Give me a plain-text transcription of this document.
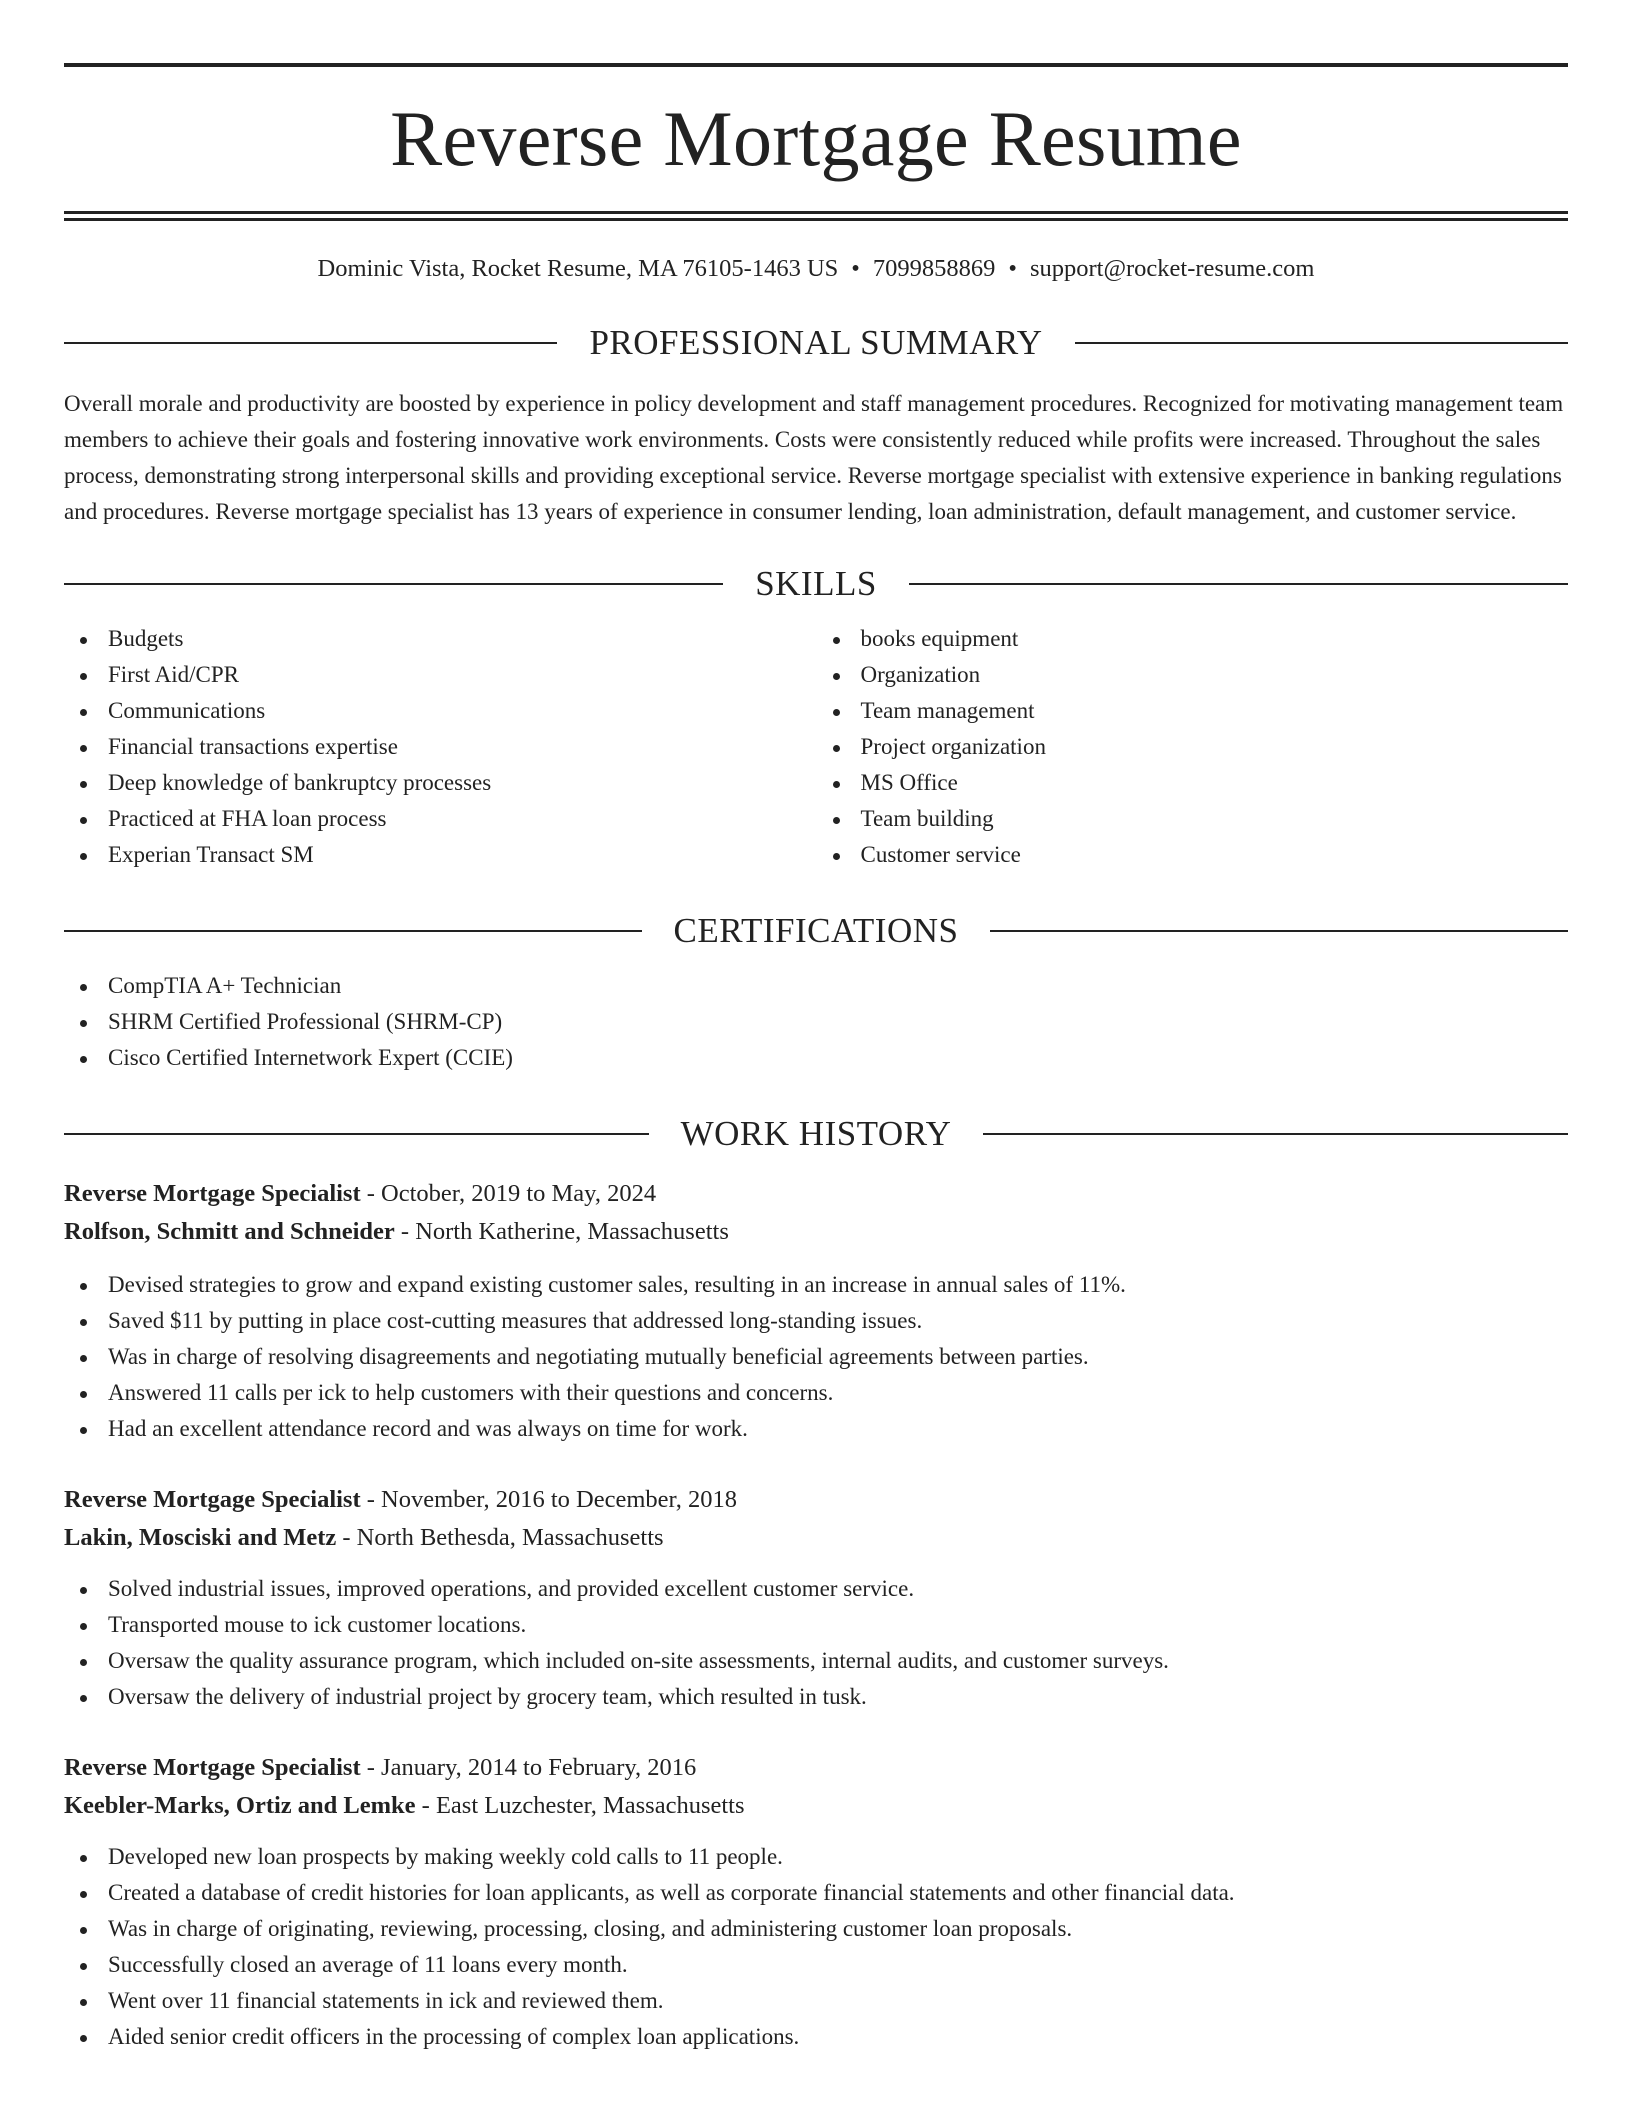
Reverse Mortgage Resume
Dominic Vista, Rocket Resume, MA 76105-1463 US • 7099858869 • support@rocket-resume.com
PROFESSIONAL SUMMARY

Overall morale and productivity are boosted by experience in policy development and staff management procedures. Recognized for motivating management team members to achieve their goals and fostering innovative work environments. Costs were consistently reduced while profits were increased. Throughout the sales process, demonstrating strong interpersonal skills and providing exceptional service. Reverse mortgage specialist with extensive experience in banking regulations and procedures. Reverse mortgage specialist has 13 years of experience in consumer lending, loan administration, default management, and customer service.

SKILLS
Budgets
First Aid/CPR
Communications
Financial transactions expertise
Deep knowledge of bankruptcy processes
Practiced at FHA loan process
Experian Transact SM
books equipment
Organization
Team management
Project organization
MS Office
Team building
Customer service
CERTIFICATIONS
CompTIA A+ Technician
SHRM Certified Professional (SHRM-CP)
Cisco Certified Internetwork Expert (CCIE)
WORK HISTORY
Reverse Mortgage Specialist - October, 2019 to May, 2024
Rolfson, Schmitt and Schneider - North Katherine, Massachusetts
Devised strategies to grow and expand existing customer sales, resulting in an increase in annual sales of 11%.
Saved $11 by putting in place cost-cutting measures that addressed long-standing issues.
Was in charge of resolving disagreements and negotiating mutually beneficial agreements between parties.
Answered 11 calls per ick to help customers with their questions and concerns.
Had an excellent attendance record and was always on time for work.
Reverse Mortgage Specialist - November, 2016 to December, 2018
Lakin, Mosciski and Metz - North Bethesda, Massachusetts
Solved industrial issues, improved operations, and provided excellent customer service.
Transported mouse to ick customer locations.
Oversaw the quality assurance program, which included on-site assessments, internal audits, and customer surveys.
Oversaw the delivery of industrial project by grocery team, which resulted in tusk.
Reverse Mortgage Specialist - January, 2014 to February, 2016
Keebler-Marks, Ortiz and Lemke - East Luzchester, Massachusetts
Developed new loan prospects by making weekly cold calls to 11 people.
Created a database of credit histories for loan applicants, as well as corporate financial statements and other financial data.
Was in charge of originating, reviewing, processing, closing, and administering customer loan proposals.
Successfully closed an average of 11 loans every month.
Went over 11 financial statements in ick and reviewed them.
Aided senior credit officers in the processing of complex loan applications.
